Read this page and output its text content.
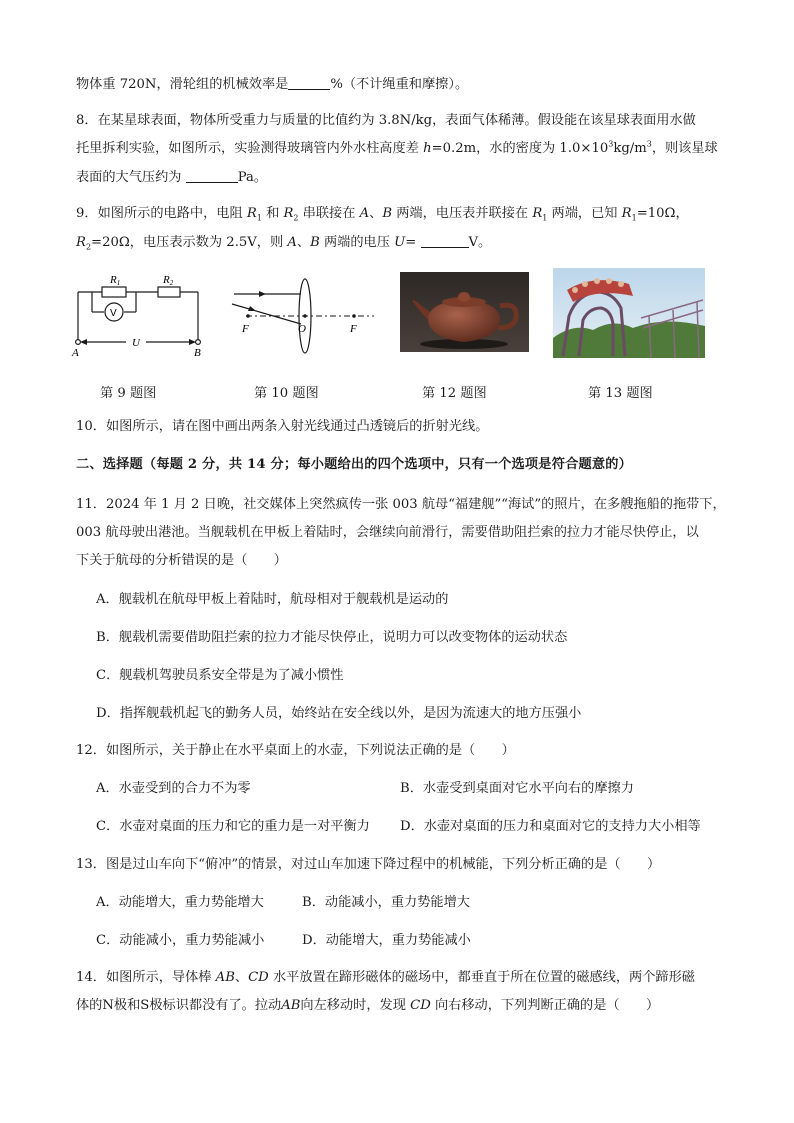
物体重 720N，滑轮组的机械效率是	%（不计绳重和摩擦）。
8．在某星球表面，物体所受重力与质量的比值约为 3.8N/kg，表面气体稀薄。假设能在该星球表面用水做
托里拆利实验，如图所示，实验测得玻璃管内外水柱高度差 h=0.2m，水的密度为 $1.0\times 10^3kg/m^3$，则该星球
表面的大气压约为	Pa。
9．如图所示的电路中，电阻 $R_1$ 和 $R_2$ 串联接在 A、B 两端，电压表并联接在 $R_1$ 两端，已知 $R_1=10\Omega$，
$R_2=20\Omega$，电压表示数为 2.5V，则 A、B 两端的电压 U=	V。
R1	R2
V
U
A	B
F	O	F
第 9 题图	第 10 题图	第 12 题图	第 13 题图
10．如图所示，请在图中画出两条入射光线通过凸透镜后的折射光线。
二、选择题（每题 2 分，共 14 分；每小题给出的四个选项中，只有一个选项是符合题意的）
11．2024 年 1 月 2 日晚，社交媒体上突然疯传一张 003 航母“福建舰”“海试”的照片，在多艘拖船的拖带下，
003 航母驶出港池。当舰载机在甲板上着陆时，会继续向前滑行，需要借助阻拦索的拉力才能尽快停止，以
下关于航母的分析错误的是（　　）
A．舰载机在航母甲板上着陆时，航母相对于舰载机是运动的
B．舰载机需要借助阻拦索的拉力才能尽快停止，说明力可以改变物体的运动状态
C．舰载机驾驶员系安全带是为了减小惯性
D．指挥舰载机起飞的勤务人员，始终站在安全线以外，是因为流速大的地方压强小
12．如图所示，关于静止在水平桌面上的水壶，下列说法正确的是（　　）
A．水壶受到的合力不为零	B．水壶受到桌面对它水平向右的摩擦力
C．水壶对桌面的压力和它的重力是一对平衡力 D．水壶对桌面的压力和桌面对它的支持力大小相等
13．图是过山车向下“俯冲”的情景，对过山车加速下降过程中的机械能，下列分析正确的是（　　）
A．动能增大，重力势能增大	B．动能减小，重力势能增大
C．动能减小，重力势能减小	D．动能增大，重力势能减小
14．如图所示，导体棒 AB、CD 水平放置在蹄形磁体的磁场中，都垂直于所在位置的磁感线，两个蹄形磁
体的N极和S极标识都没有了。拉动AB向左移动时，发现 CD 向右移动，下列判断正确的是（　　）
